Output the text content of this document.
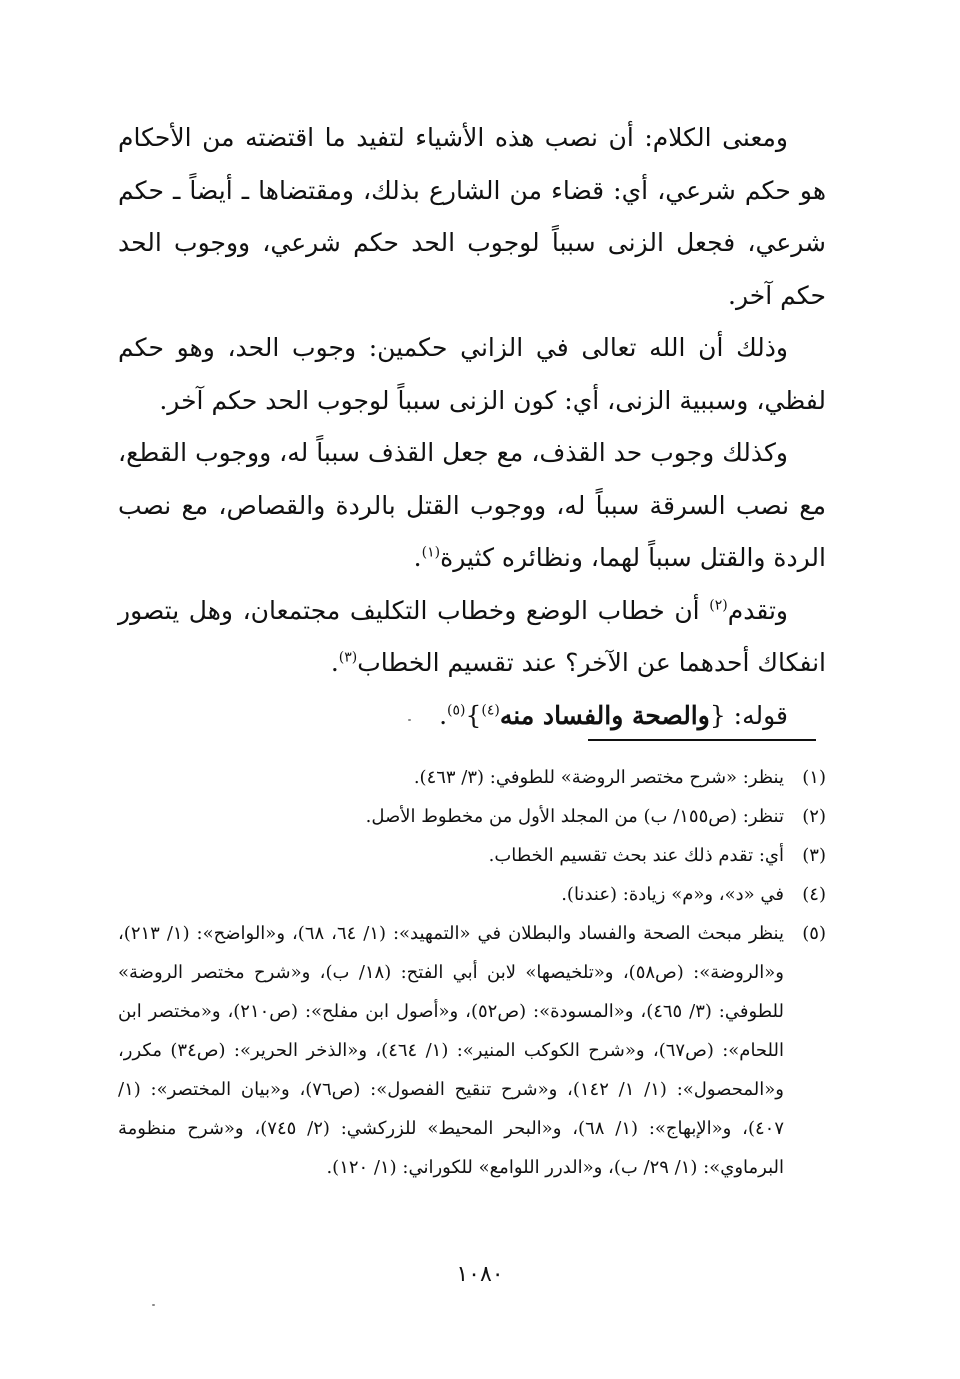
ومعنى الكلام: أن نصب هذه الأشياء لتفيد ما اقتضته من الأحكام هو حكم شرعي، أي: قضاء من الشارع بذلك، ومقتضاها ـ أيضاً ـ حكم شرعي، فجعل الزنى سبباً لوجوب الحد حكم شرعي، ووجوب الحد حكم آخر.

وذلك أن الله تعالى في الزاني حكمين: وجوب الحد، وهو حكم لفظي، وسببية الزنى، أي: كون الزنى سبباً لوجوب الحد حكم آخر.

وكذلك وجوب حد القذف، مع جعل القذف سبباً له، ووجوب القطع، مع نصب السرقة سبباً له، ووجوب القتل بالردة والقصاص، مع نصب الردة والقتل سبباً لهما، ونظائره كثيرة$^{(١)}$.

وتقدم$^{(٢)}$ أن خطاب الوضع وخطاب التكليف مجتمعان، وهل يتصور انفكاك أحدهما عن الآخر؟ عند تقسيم الخطاب$^{(٣)}$.

قوله: {والصحة والفساد منه$^{(٤)}$}$^{(٥)}$.

(١)
ينظر: «شرح مختصر الروضة» للطوفي: (٣/ ٤٦٣).
(٢)
تنظر: (ص١٥٥/ ب) من المجلد الأول من مخطوط الأصل.
(٣)
أي: تقدم ذلك عند بحث تقسيم الخطاب.
(٤)
في «د»، و«م» زيادة: (عندنا).
(٥)
ينظر مبحث الصحة والفساد والبطلان في «التمهيد»: (١/ ٦٤، ٦٨)، و«الواضح»: (١/ ٢١٣)، و«الروضة»: (ص٥٨)، و«تلخيصها» لابن أبي الفتح: (١٨/ ب)، و«شرح مختصر الروضة» للطوفي: (٣/ ٤٦٥)، و«المسودة»: (ص٥٢)، و«أصول ابن مفلح»: (ص٢١٠)، و«مختصر ابن اللحام»: (ص٦٧)، و«شرح الكوكب المنير»: (١/ ٤٦٤)، و«الذخر الحرير»: (ص٣٤) مكرر، و«المحصول»: (١/ ١/ ١٤٢)، و«شرح تنقيح الفصول»: (ص٧٦)، و«بيان المختصر»: (١/ ٤٠٧)، و«الإبهاج»: (١/ ٦٨)، و«البحر المحيط» للزركشي: (٢/ ٧٤٥)، و«شرح منظومة البرماوي»: (١/ ٢٩/ ب)، و«الدرر اللوامع» للكوراني: (١/ ١٢٠).
١٠٨٠
